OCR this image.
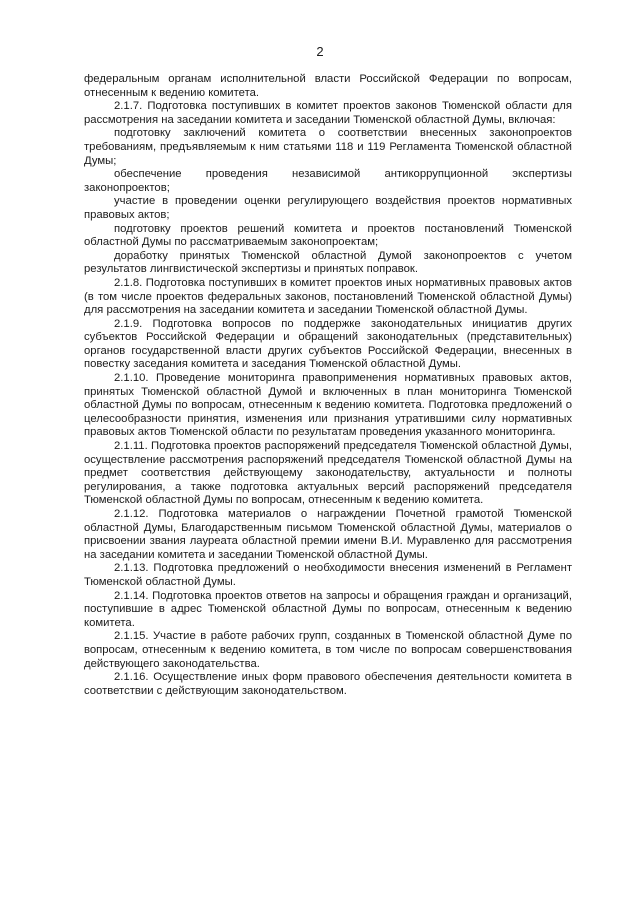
2

федеральным органам исполнительной власти Российской Федерации по вопросам, отнесенным к ведению комитета.

2.1.7. Подготовка поступивших в комитет проектов законов Тюменской области для рассмотрения на заседании комитета и заседании Тюменской областной Думы, включая:

подготовку заключений комитета о соответствии внесенных законопроектов требованиям, предъявляемым к ним статьями 118 и 119 Регламента Тюменской областной Думы;

обеспечение проведения независимой антикоррупционной экспертизы законопроектов;

участие в проведении оценки регулирующего воздействия проектов нормативных правовых актов;

подготовку проектов решений комитета и проектов постановлений Тюменской областной Думы по рассматриваемым законопроектам;

доработку принятых Тюменской областной Думой законопроектов с учетом результатов лингвистической экспертизы и принятых поправок.

2.1.8. Подготовка поступивших в комитет проектов иных нормативных правовых актов (в том числе проектов федеральных законов, постановлений Тюменской областной Думы) для рассмотрения на заседании комитета и заседании Тюменской областной Думы.

2.1.9. Подготовка вопросов по поддержке законодательных инициатив других субъектов Российской Федерации и обращений законодательных (представительных) органов государственной власти других субъектов Российской Федерации, внесенных в повестку заседания комитета и заседания Тюменской областной Думы.

2.1.10. Проведение мониторинга правоприменения нормативных правовых актов, принятых Тюменской областной Думой и включенных в план мониторинга Тюменской областной Думы по вопросам, отнесенным к ведению комитета. Подготовка предложений о целесообразности принятия, изменения или признания утратившими силу нормативных правовых актов Тюменской области по результатам проведения указанного мониторинга.

2.1.11. Подготовка проектов распоряжений председателя Тюменской областной Думы, осуществление рассмотрения распоряжений председателя Тюменской областной Думы на предмет соответствия действующему законодательству, актуальности и полноты регулирования, а также подготовка актуальных версий распоряжений председателя Тюменской областной Думы по вопросам, отнесенным к ведению комитета.

2.1.12. Подготовка материалов о награждении Почетной грамотой Тюменской областной Думы, Благодарственным письмом Тюменской областной Думы, материалов о присвоении звания лауреата областной премии имени В.И. Муравленко для рассмотрения на заседании комитета и заседании Тюменской областной Думы.

2.1.13. Подготовка предложений о необходимости внесения изменений в Регламент Тюменской областной Думы.

2.1.14. Подготовка проектов ответов на запросы и обращения граждан и организаций, поступившие в адрес Тюменской областной Думы по вопросам, отнесенным к ведению комитета.

2.1.15. Участие в работе рабочих групп, созданных в Тюменской областной Думе по вопросам, отнесенным к ведению комитета, в том числе по вопросам совершенствования действующего законодательства.

2.1.16. Осуществление иных форм правового обеспечения деятельности комитета в соответствии с действующим законодательством.
